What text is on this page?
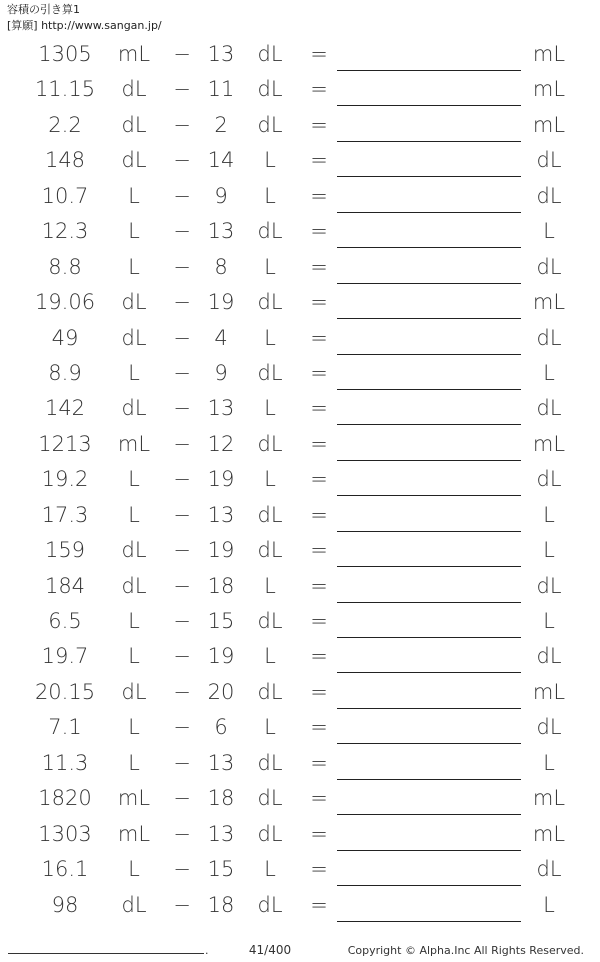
容積の引き算1
[算願] http://www.sangan.jp/
1305	mL − 13	dL	=	mL
11.15	dL	− 11	dL	=	mL
2.2	dL	−	2	dL	=	mL
148	dL	− 14	L	=	dL
10.7	L	−	9	L	=	dL
12.3	L	− 13	dL	=	L
8.8	L	−	8	L	=	dL
19.06	dL	− 19	dL	=	mL
49	dL	−	4	L	=	dL
8.9	L	−	9	dL	=	L
142	dL	− 13	L	=	dL
1213	mL − 12	dL	=	mL
19.2	L	− 19	L	=	dL
17.3	L	− 13	dL	=	L
159	dL	− 19	dL	=	L
184	dL	− 18	L	=	dL
6.5	L	− 15	dL	=	L
19.7	L	− 19	L	=	dL
20.15	dL	− 20	dL	=	mL
7.1	L	−	6	L	=	dL
11.3	L	− 13	dL	=	L
1820	mL − 18	dL	=	mL
1303	mL − 13	dL	=	mL
16.1	L	− 15	L	=	dL
98	dL	− 18	dL	=	L
.	41/400	Copyright © Alpha.Inc All Rights Reserved.
